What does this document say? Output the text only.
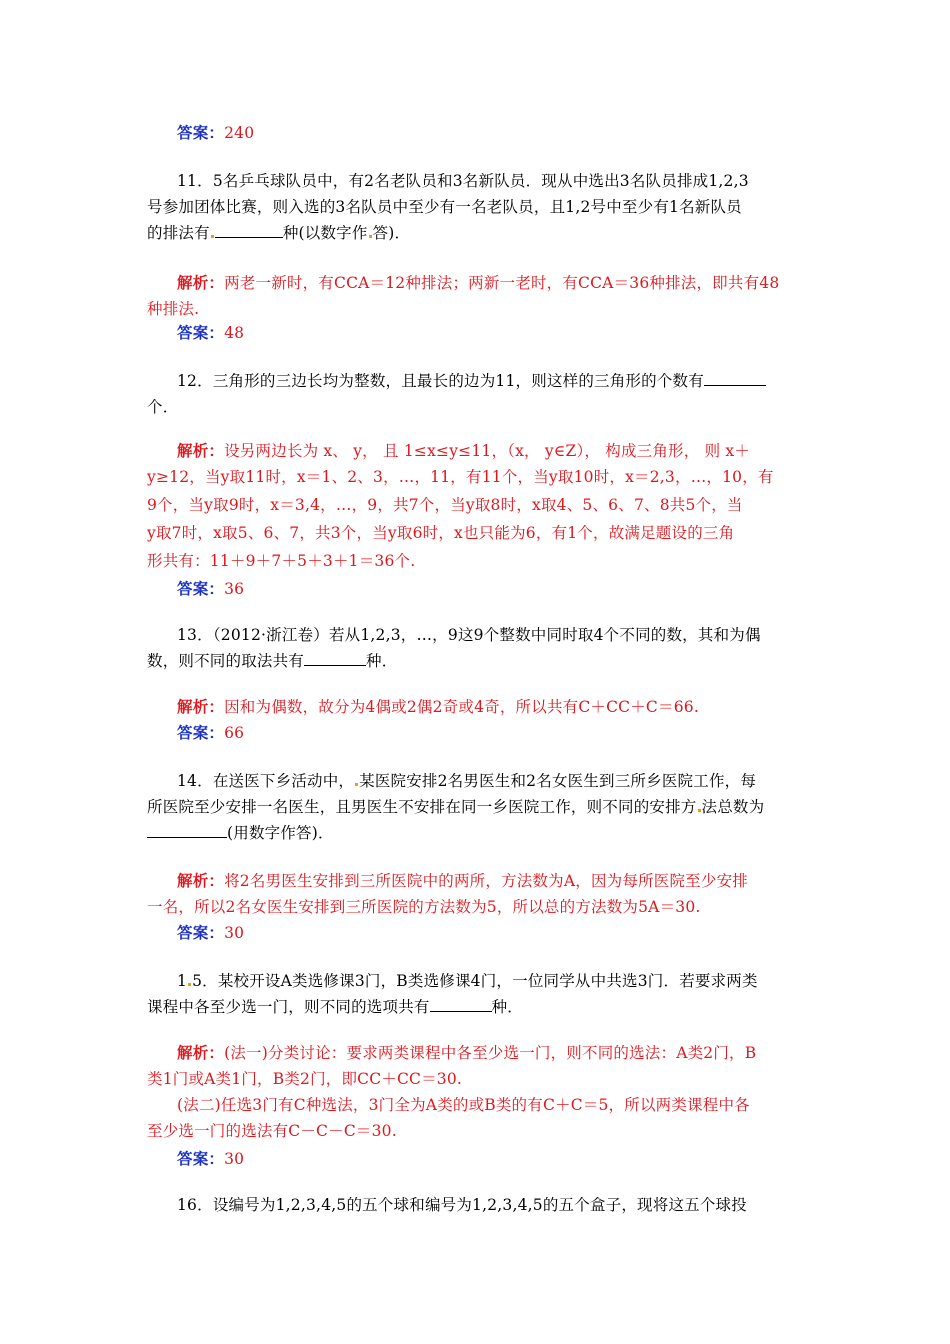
答案：240
11．5名乒乓球队员中，有2名老队员和3名新队员．现从中选出3名队员排成1,2,3
号参加团体比赛，则入选的3名队员中至少有一名老队员，且1,2号中至少有1名新队员
的排法有	种(以数字作 答)．
解析：两老一新时，有CCA＝12种排法；两新一老时，有CCA＝36种排法，即共有48
种排法.
答案：48
12．三角形的三边长均为整数，且最长的边为11，则这样的三角形的个数有
个．
解析：设另两边长为 x、 y， 且 1≤x≤y≤11，（x， y∈Z）， 构成三角形， 则 x＋
y≥12，当y取11时，x＝1、2、3，…，11，有11个，当y取10时，x＝2,3，…，10，有
9个，当y取9时，x＝3,4，…，9，共7个，当y取8时，x取4、5、6、7、8共5个，当
y取7时，x取5、6、7，共3个，当y取6时，x也只能为6，有1个，故满足题设的三角
形共有：11＋9＋7＋5＋3＋1＝36个.
答案：36
13．（2012·浙江卷）若从1,2,3，…，9这9个整数中同时取4个不同的数，其和为偶
数，则不同的取法共有	种．
解析：因和为偶数，故分为4偶或2偶2奇或4奇，所以共有C＋CC＋C＝66.
答案：66
14．在送医下乡活动中， 某医院安排2名男医生和2名女医生到三所乡医院工作，每
所医院至少安排一名医生，且男医生不安排在同一乡医院工作，则不同的安排方 法总数为
(用数字作答)．
解析：将2名男医生安排到三所医院中的两所，方法数为A，因为每所医院至少安排
一名，所以2名女医生安排到三所医院的方法数为5，所以总的方法数为5A＝30.
答案：30
1 5．某校开设A类选修课3门，B类选修课4门，一位同学从中共选3门．若要求两类
课程中各至少选一门，则不同的选项共有	种．
解析：(法一)分类讨论：要求两类课程中各至少选一门，则不同的选法：A类2门，B
类1门或A类1门，B类2门，即CC＋CC＝30.
(法二)任选3门有C种选法，3门全为A类的或B类的有C＋C＝5，所以两类课程中各
至少选一门的选法有C－C－C＝30.
答案：30
16．设编号为1,2,3,4,5的五个球和编号为1,2,3,4,5的五个盒子，现将这五个球投
